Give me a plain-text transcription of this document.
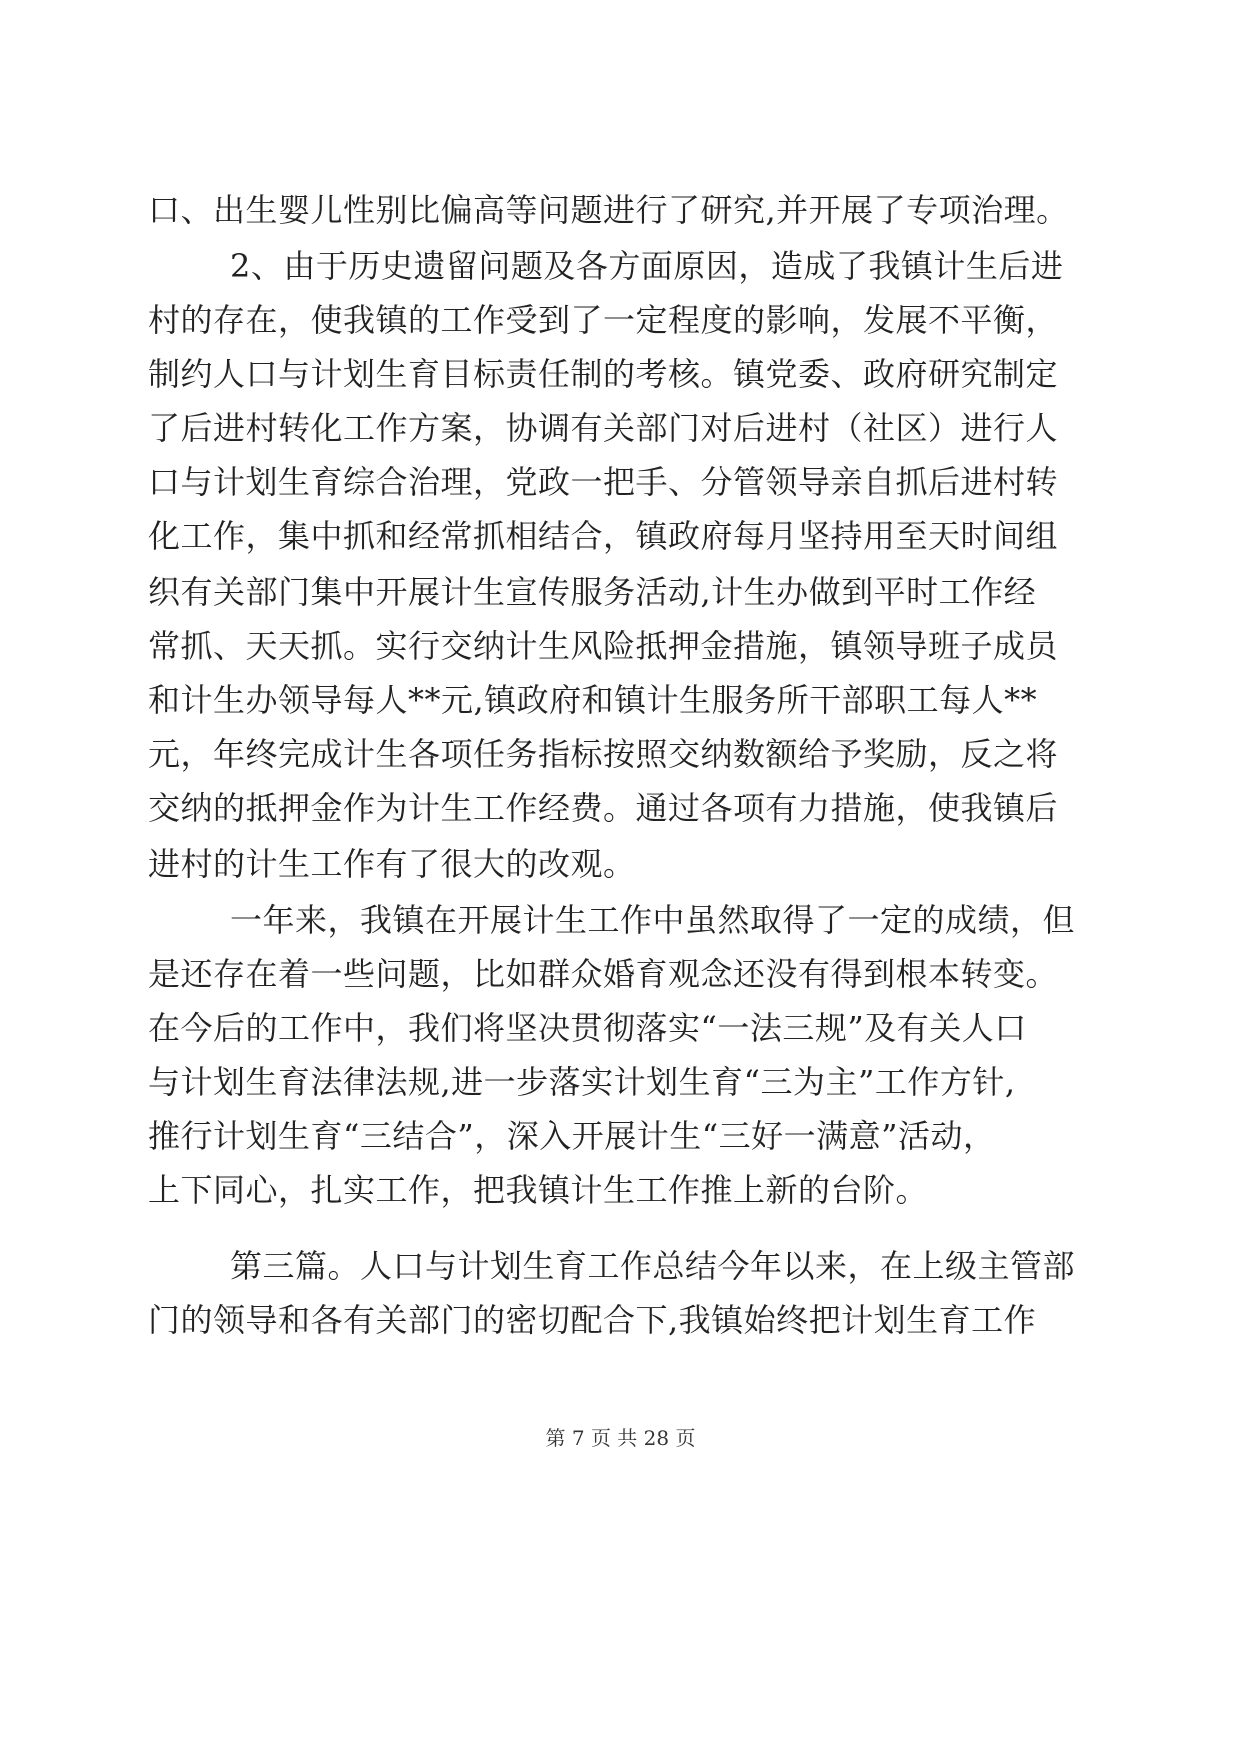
口、出生婴儿性别比偏高等问题进行了研究,并开展了专项治理。
2、由于历史遗留问题及各方面原因，造成了我镇计生后进
村的存在，使我镇的工作受到了一定程度的影响，发展不平衡，
制约人口与计划生育目标责任制的考核。镇党委、政府研究制定
了后进村转化工作方案，协调有关部门对后进村（社区）进行人
口与计划生育综合治理，党政一把手、分管领导亲自抓后进村转
化工作，集中抓和经常抓相结合，镇政府每月坚持用至天时间组
织有关部门集中开展计生宣传服务活动,计生办做到平时工作经
常抓、天天抓。实行交纳计生风险抵押金措施，镇领导班子成员
和计生办领导每人**元,镇政府和镇计生服务所干部职工每人**
元，年终完成计生各项任务指标按照交纳数额给予奖励，反之将
交纳的抵押金作为计生工作经费。通过各项有力措施，使我镇后
进村的计生工作有了很大的改观。
一年来，我镇在开展计生工作中虽然取得了一定的成绩，但
是还存在着一些问题，比如群众婚育观念还没有得到根本转变。
在今后的工作中，我们将坚决贯彻落实“一法三规”及有关人口
与计划生育法律法规,进一步落实计划生育“三为主”工作方针,
推行计划生育“三结合”，深入开展计生“三好一满意”活动，
上下同心，扎实工作，把我镇计生工作推上新的台阶。
第三篇。人口与计划生育工作总结今年以来，在上级主管部
门的领导和各有关部门的密切配合下,我镇始终把计划生育工作
第 7 页 共 28 页
